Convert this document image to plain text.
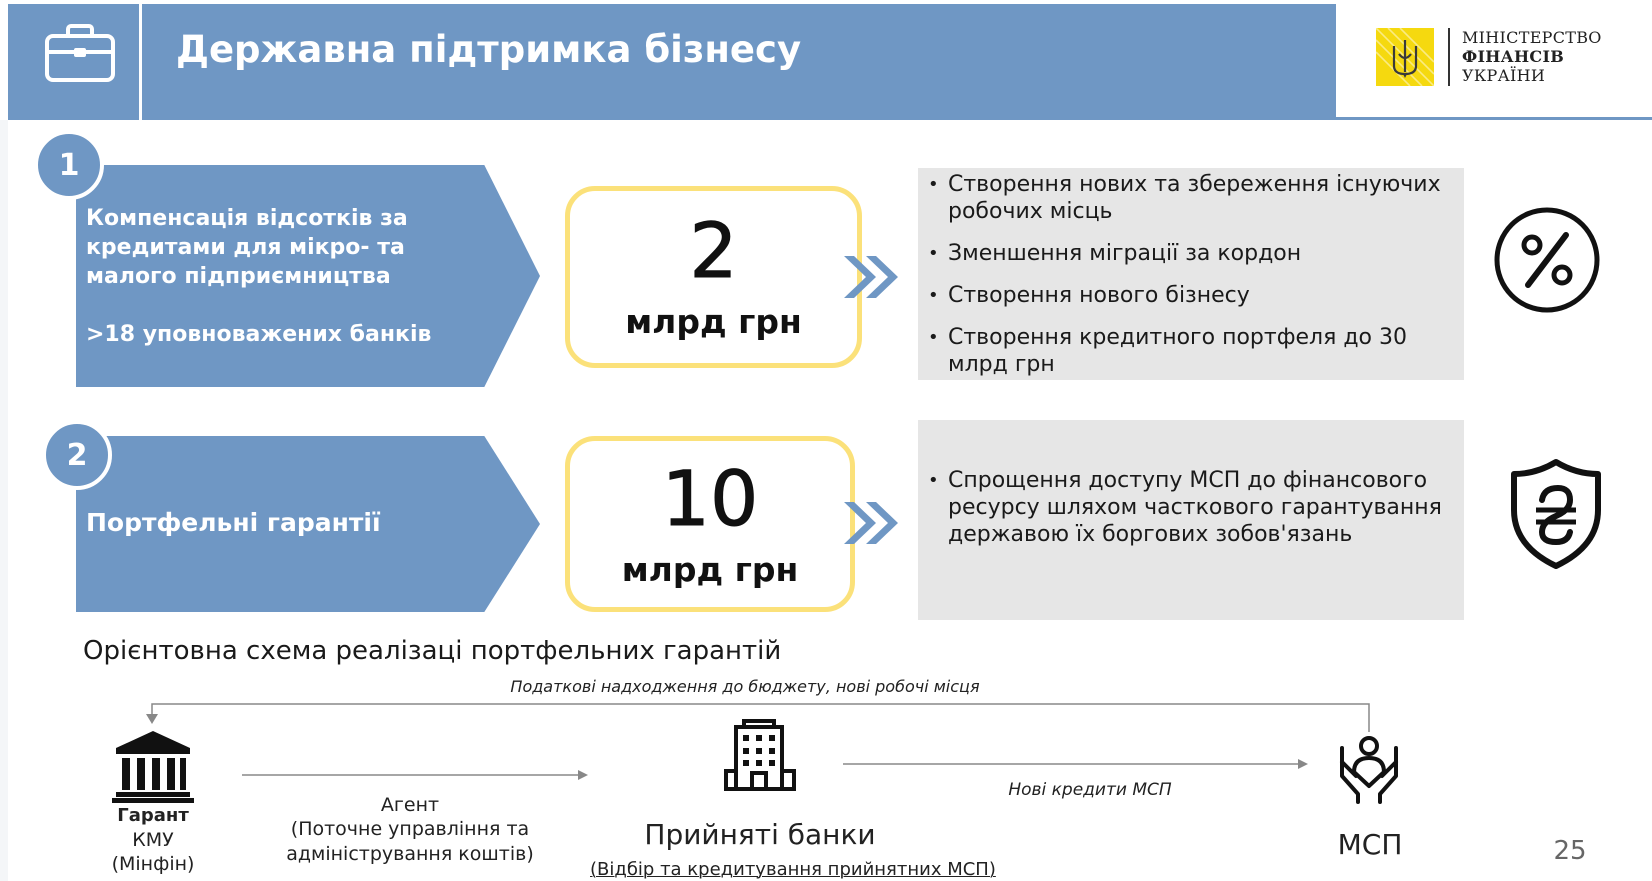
Державна підтримка бізнесу	МІНІСТЕРСТВО
ФІНАНСІВ
УКРАЇНИ
1
Компенсація відсотків за кредитами для мікро- та малого підприємництва
>18 уповноважених банків
2
млрд грн
• Створення нових та збереження існуючих робочих місць
• Зменшення міграції за кордон
• Створення нового бізнесу
• Створення кредитного портфеля до 30 млрд грн
2
Портфельні гарантії	10
млрд грн
• Спрощення доступу МСП до фінансового ресурсу шляхом часткового гарантування державою їх боргових зобов'язань
Орієнтовна схема реалізаці портфельних гарантій
Податкові надходження до бюджету, нові робочі місця
Гарант
КМУ
(Мінфін)
Агент
(Поточне управління та
адміністрування коштів)
Прийняті банки
(Відбір та кредитування прийнятних МСП)
Нові кредити МСП
МСП	25
